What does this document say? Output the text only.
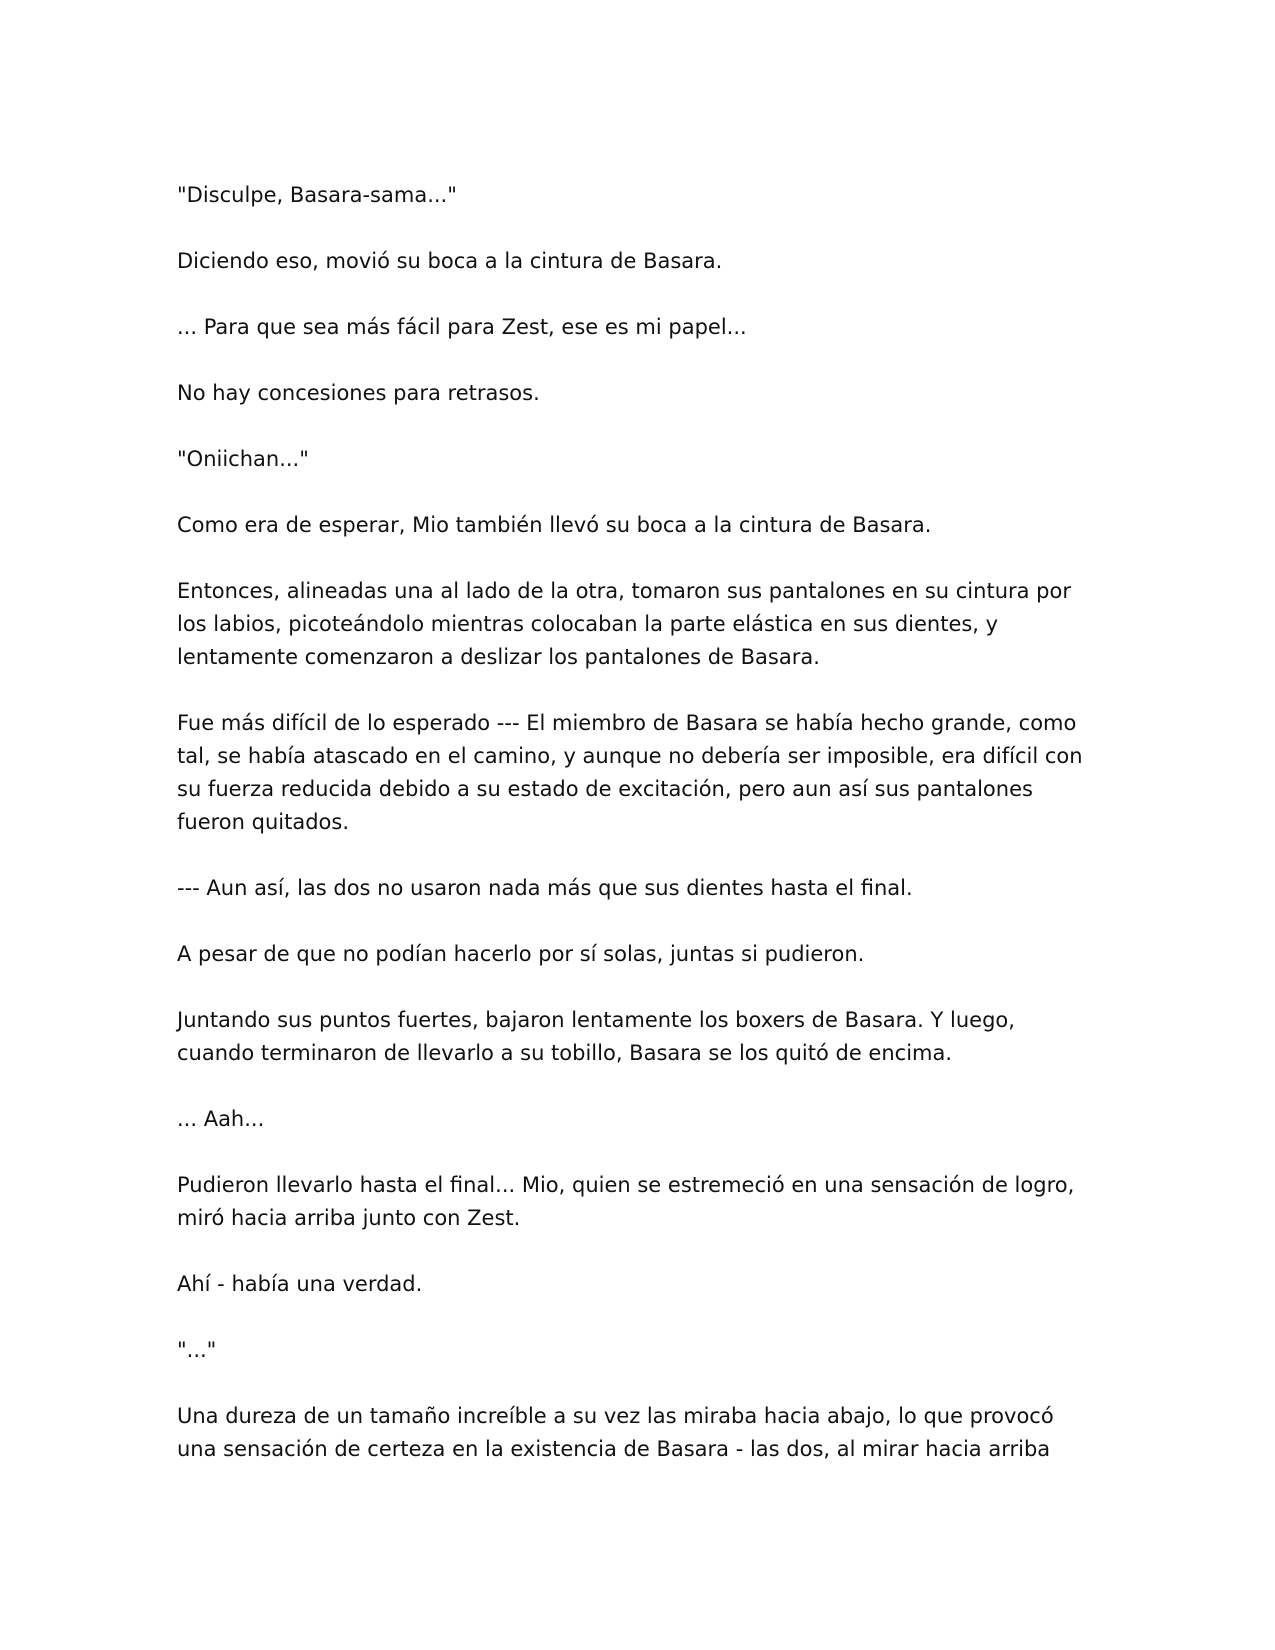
"Disculpe, Basara-sama..."

Diciendo eso, movió su boca a la cintura de Basara.

... Para que sea más fácil para Zest, ese es mi papel...

No hay concesiones para retrasos.

"Oniichan..."

Como era de esperar, Mio también llevó su boca a la cintura de Basara.

Entonces, alineadas una al lado de la otra, tomaron sus pantalones en su cintura por los labios, picoteándolo mientras colocaban la parte elástica en sus dientes, y lentamente comenzaron a deslizar los pantalones de Basara.

Fue más difícil de lo esperado --- El miembro de Basara se había hecho grande, como tal, se había atascado en el camino, y aunque no debería ser imposible, era difícil con su fuerza reducida debido a su estado de excitación, pero aun así sus pantalones fueron quitados.

--- Aun así, las dos no usaron nada más que sus dientes hasta el final.

A pesar de que no podían hacerlo por sí solas, juntas si pudieron.

Juntando sus puntos fuertes, bajaron lentamente los boxers de Basara. Y luego, cuando terminaron de llevarlo a su tobillo, Basara se los quitó de encima.

... Aah...

Pudieron llevarlo hasta el final... Mio, quien se estremeció en una sensación de logro, miró hacia arriba junto con Zest.

Ahí - había una verdad.

"..."

Una dureza de un tamaño increíble a su vez las miraba hacia abajo, lo que provocó una sensación de certeza en la existencia de Basara - las dos, al mirar hacia arriba
